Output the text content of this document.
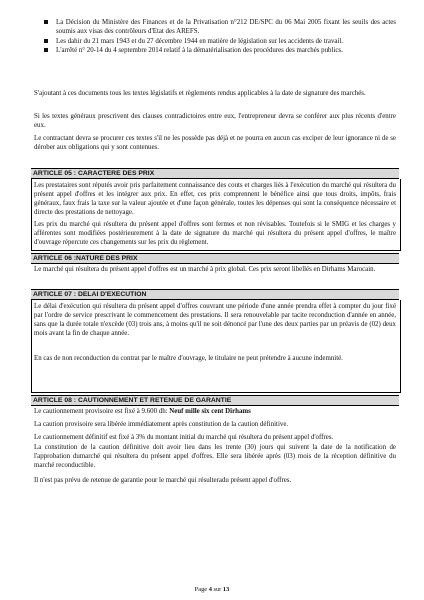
La Décision du Ministère des Finances et de la Privatisation n°212 DE/SPC du 06 Mai 2005 fixant les seuils des actes soumis aux visas des contrôleurs d'Etat des AREFS.
Les dahir du 21 mars 1943 et du 27 décembre 1944 en matière de législation sur les accidents de travail.
L'arrêté n° 20-14 du 4 septembre 2014 relatif à la dématérialisation des procédures des marchés publics.

S'ajoutant à ces documents tous les textes législatifs et règlements rendus applicables à la date de signature des marchés.

Si les textes généraux prescrivent des clauses contradictoires entre eux, l'entrepreneur devra se conférer aux plus récents d'entre eux.

Le contractant devra se procurer ces textes s'il ne les possède pas déjà et ne pourra en aucun cas exciper de leur ignorance ni de se dérober aux obligations qui y sont contenues.

ARTICLE 05 : CARACTERE DES PRIX

Les prestataires sont réputés avoir pris parfaitement connaissance des couts et charges liés à l'exécution du marché qui résultera du présent appel d'offres et les intégrer aux prix. En effet, ces prix comprennent le bénéfice ainsi que tous droits, impôts, frais généraux, faux frais la taxe sur la valeur ajoutée et d'une façon générale, toutes les dépenses qui sont la conséquence nécessaire et directe des prestations de nettoyage.

Les prix du marché qui résultera du présent appel d'offres sont fermes et non révisables. Toutefois si le SMIG et les charges y afférentes sont modifiées postérieurement à la date de signature du marché qui résultera du présent appel d'offres, le maître d'ouvrage répercute ces changements sur les prix du règlement.

ARTICLE 06 :NATURE DES PRIX

Le marché qui résultera du présent appel d'offres est un marché à prix global. Ces prix seront libellés en Dirhams Marocain.

ARTICLE 07 : DELAI D'EXECUTION

Le délai d'exécution qui résultera du présent appel d'offres couvrant une période d'une année prendra effet à compter du jour fixé par l'ordre de service prescrivant le commencement des prestations. Il sera renouvelable par tacite reconduction d'année en année, sans que la durée totale n'excède (03) trois ans, à moins qu'il ne soit dénoncé par l'une des deux parties par un préavis de (02) deux mois avant la fin de chaque année.

En cas de non reconduction du contrat par le maître d'ouvrage, le titulaire ne peut prétendre à aucune indemnité.

ARTICLE 08 : CAUTIONNEMENT ET RETENUE DE GARANTIE

Le cautionnement provisoire est fixé à 9.600 dh: Neuf mille six cent Dirhams

La caution provisoire sera libérée immédiatement après constitution de la caution définitive.

Le cautionnement définitif est fixé à 3% du montant initial du marché qui résultera du présent appel d'offres.

La constitution de la caution définitive doit avoir lieu dans les trente (30) jours qui suivent la date de la notification de l'approbation dumarché qui résultera du présent appel d'offres. Elle sera libérée après (03) mois de la réception définitive du marché reconductible.

Il n'est pas prévu de retenue de garantie pour le marché qui résulteradu présent appel d'offres.

Page 4 sur 13
